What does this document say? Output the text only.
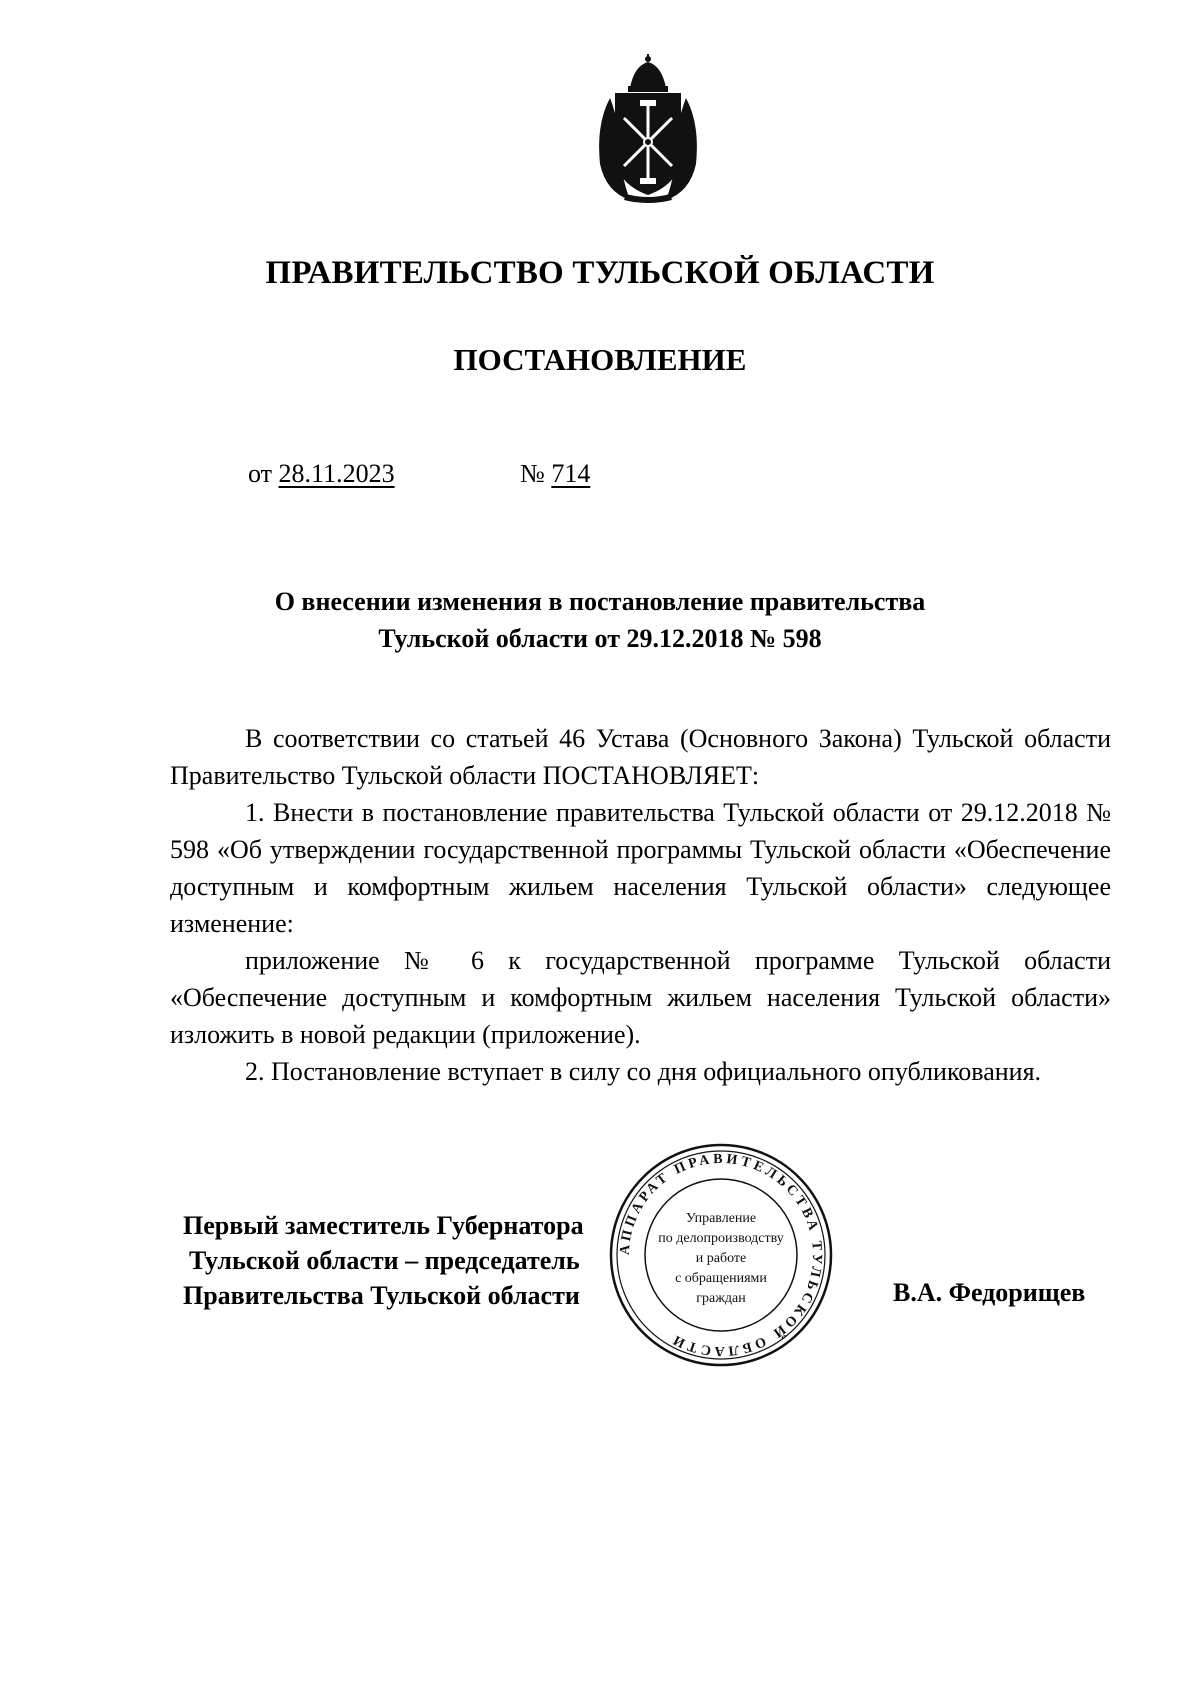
ПРАВИТЕЛЬСТВО ТУЛЬСКОЙ ОБЛАСТИ
ПОСТАНОВЛЕНИЕ
от 28.11.2023	№ 714
О внесении изменения в постановление правительства
Тульской области от 29.12.2018 № 598

В соответствии со статьей 46 Устава (Основного Закона) Тульской области Правительство Тульской области ПОСТАНОВЛЯЕТ:

1. Внести в постановление правительства Тульской области от 29.12.2018 № 598 «Об утверждении государственной программы Тульской области «Обеспечение доступным и комфортным жильем населения Тульской области» следующее изменение:

приложение № 6 к государственной программе Тульской области «Обеспечение доступным и комфортным жильем населения Тульской области» изложить в новой редакции (приложение).

2. Постановление вступает в силу со дня официального опубликования.

Первый заместитель Губернатора
Тульской области – председатель
Правительства Тульской области	В.А. Федорищев
АППАРАТ ПРАВИТЕЛЬСТВА ТУЛЬСКОЙ ОБЛАСТИ
Управление
по делопроизводству
и работе
с обращениями
граждан
